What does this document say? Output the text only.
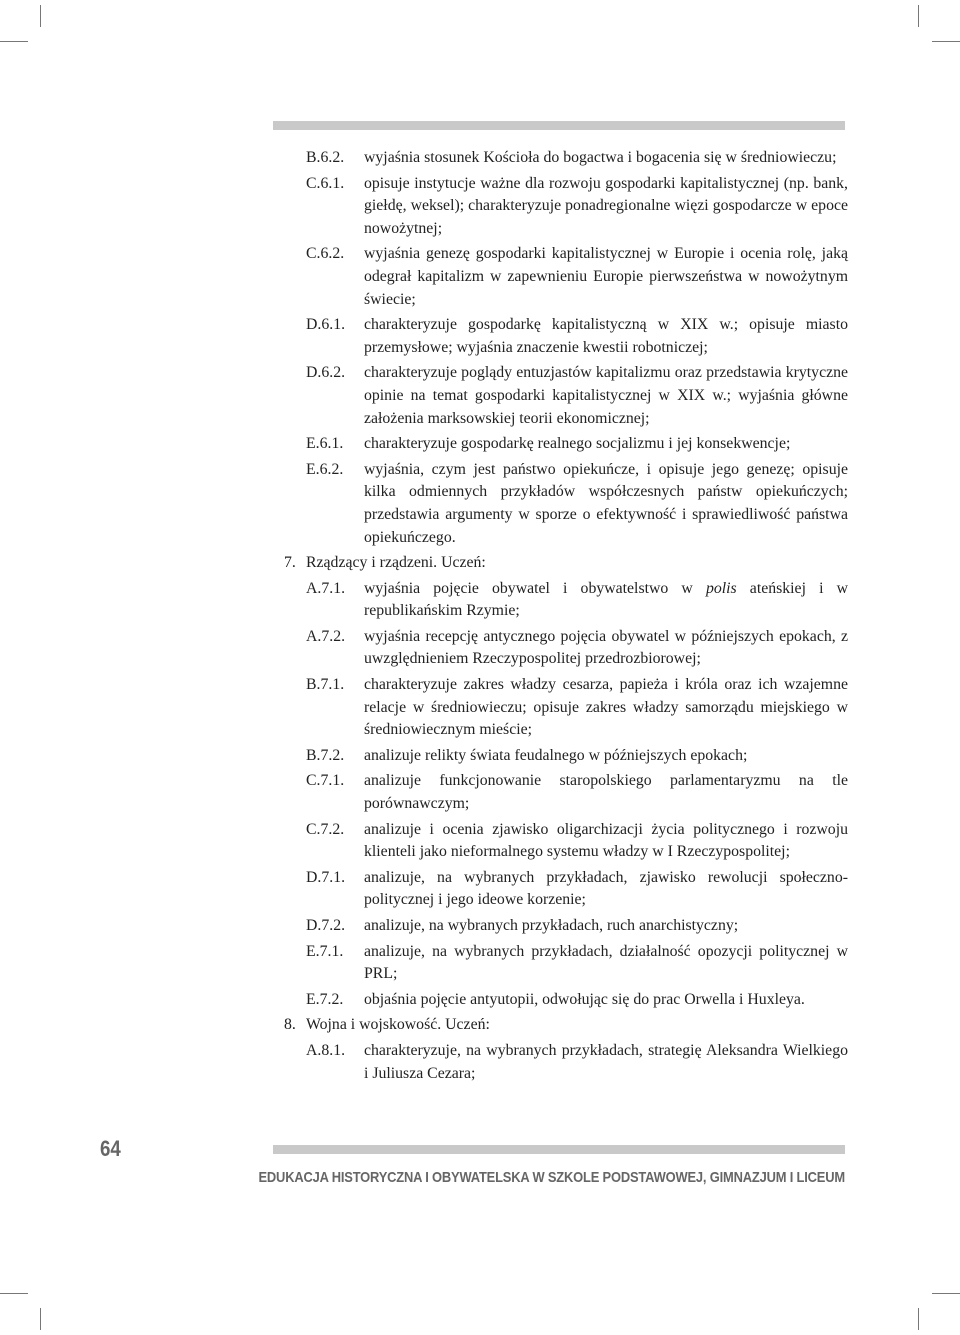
B.6.2. wyjaśnia stosunek Kościoła do bogactwa i bogacenia się w średniowieczu;
C.6.1. opisuje instytucje ważne dla rozwoju gospodarki kapitalistycznej (np. bank, giełdę, weksel); charakteryzuje ponadregionalne więzi gospodarcze w epoce nowożytnej;
C.6.2. wyjaśnia genezę gospodarki kapitalistycznej w Europie i ocenia rolę, jaką odegrał kapitalizm w zapewnieniu Europie pierwszeństwa w nowożytnym świecie;
D.6.1. charakteryzuje gospodarkę kapitalistyczną w XIX w.; opisuje miasto przemysłowe; wyjaśnia znaczenie kwestii robotniczej;
D.6.2. charakteryzuje poglądy entuzjastów kapitalizmu oraz przedstawia krytyczne opinie na temat gospodarki kapitalistycznej w XIX w.; wyjaśnia główne założenia marksowskiej teorii ekonomicznej;
E.6.1. charakteryzuje gospodarkę realnego socjalizmu i jej konsekwencje;
E.6.2. wyjaśnia, czym jest państwo opiekuńcze, i opisuje jego genezę; opisuje kilka odmiennych przykładów współczesnych państw opiekuńczych; przedstawia argumenty w sporze o efektywność i sprawiedliwość państwa opiekuńczego.
7. Rządzący i rządzeni. Uczeń:
A.7.1. wyjaśnia pojęcie obywatel i obywatelstwo w polis ateńskiej i w republikańskim Rzymie;
A.7.2. wyjaśnia recepcję antycznego pojęcia obywatel w późniejszych epokach, z uwzględnieniem Rzeczypospolitej przedrozbiorowej;
B.7.1. charakteryzuje zakres władzy cesarza, papieża i króla oraz ich wzajemne relacje w średniowieczu; opisuje zakres władzy samorządu miejskiego w średniowiecznym mieście;
B.7.2. analizuje relikty świata feudalnego w późniejszych epokach;
C.7.1. analizuje funkcjonowanie staropolskiego parlamentaryzmu na tle porównawczym;
C.7.2. analizuje i ocenia zjawisko oligarchizacji życia politycznego i rozwoju klienteli jako nieformalnego systemu władzy w I Rzeczypospolitej;
D.7.1. analizuje, na wybranych przykładach, zjawisko rewolucji społeczno-politycznej i jego ideowe korzenie;
D.7.2. analizuje, na wybranych przykładach, ruch anarchistyczny;
E.7.1. analizuje, na wybranych przykładach, działalność opozycji politycznej w PRL;
E.7.2. objaśnia pojęcie antyutopii, odwołując się do prac Orwella i Huxleya.
8. Wojna i wojskowość. Uczeń:
A.8.1. charakteryzuje, na wybranych przykładach, strategię Aleksandra Wielkiego i Juliusza Cezara;
64
EDUKACJA HISTORYCZNA I OBYWATELSKA W SZKOLE PODSTAWOWEJ, GIMNAZJUM I LICEUM
